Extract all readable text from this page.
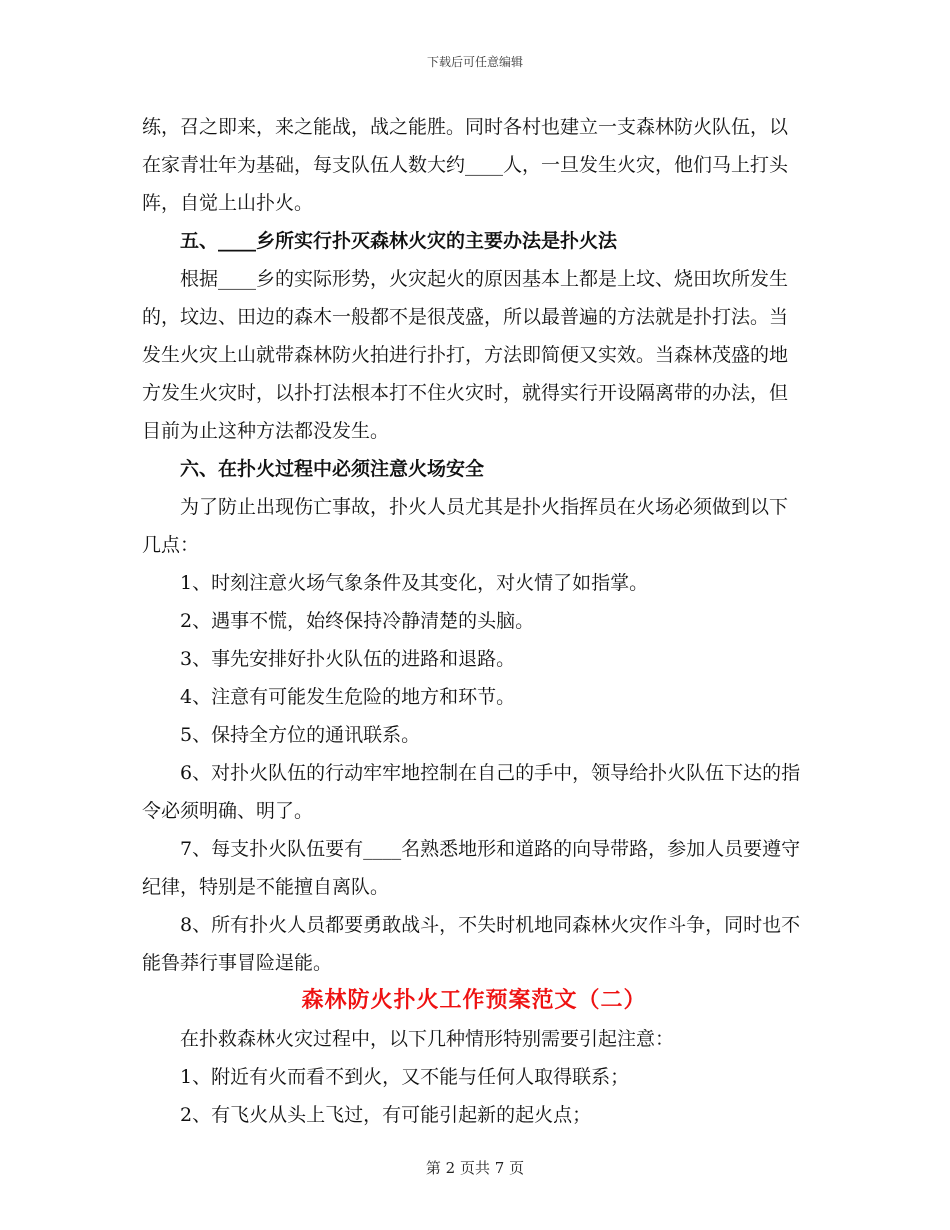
下载后可任意编辑

练，召之即来，来之能战，战之能胜。同时各村也建立一支森林防火队伍，以在家青壮年为基础，每支队伍人数大约____人，一旦发生火灾，他们马上打头阵，自觉上山扑火。

五、____乡所实行扑灭森林火灾的主要办法是扑火法

根据____乡的实际形势，火灾起火的原因基本上都是上坟、烧田坎所发生的，坟边、田边的森木一般都不是很茂盛，所以最普遍的方法就是扑打法。当发生火灾上山就带森林防火拍进行扑打，方法即简便又实效。当森林茂盛的地方发生火灾时，以扑打法根本打不住火灾时，就得实行开设隔离带的办法，但目前为止这种方法都没发生。

六、在扑火过程中必须注意火场安全

为了防止出现伤亡事故，扑火人员尤其是扑火指挥员在火场必须做到以下几点：

1、时刻注意火场气象条件及其变化，对火情了如指掌。

2、遇事不慌，始终保持冷静清楚的头脑。

3、事先安排好扑火队伍的进路和退路。

4、注意有可能发生危险的地方和环节。

5、保持全方位的通讯联系。

6、对扑火队伍的行动牢牢地控制在自己的手中，领导给扑火队伍下达的指令必须明确、明了。

7、每支扑火队伍要有____名熟悉地形和道路的向导带路，参加人员要遵守纪律，特别是不能擅自离队。

8、所有扑火人员都要勇敢战斗，不失时机地同森林火灾作斗争，同时也不能鲁莽行事冒险逞能。

森林防火扑火工作预案范文（二）

在扑救森林火灾过程中，以下几种情形特别需要引起注意：

1、附近有火而看不到火，又不能与任何人取得联系；

2、有飞火从头上飞过，有可能引起新的起火点；

第 2 页共 7 页
